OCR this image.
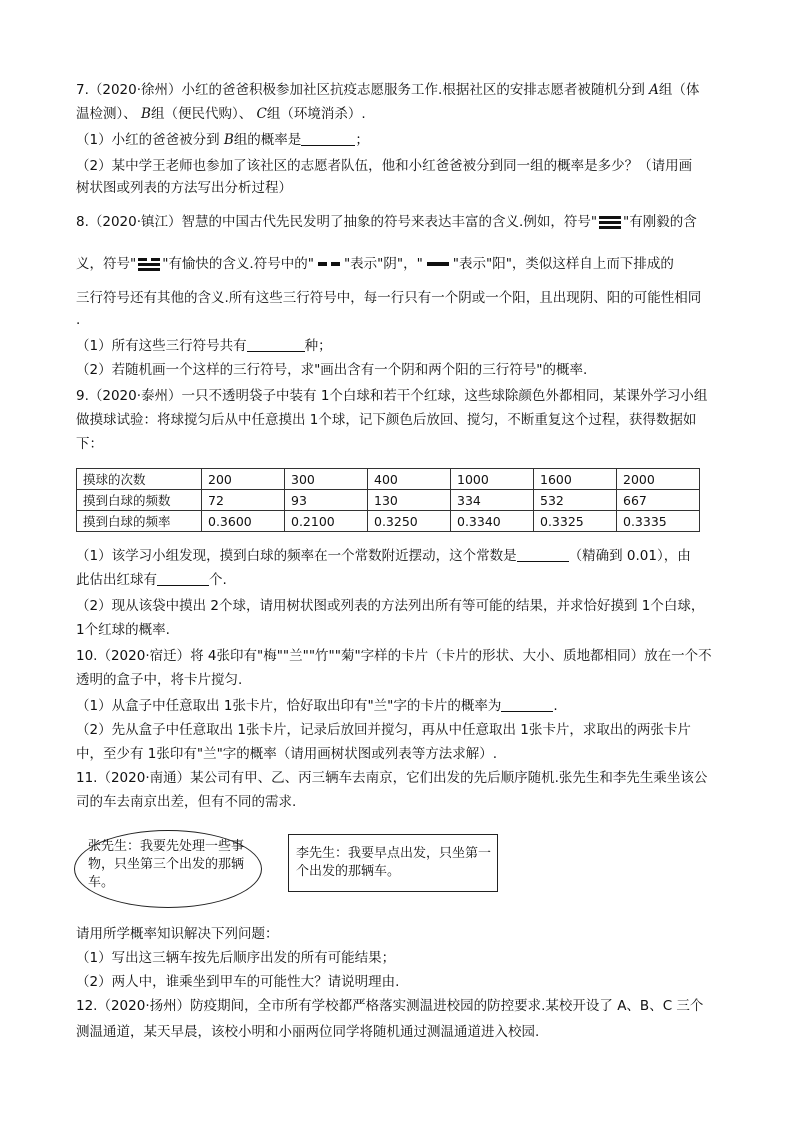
7.（2020·徐州）小红的爸爸积极参加社区抗疫志愿服务工作.根据社区的安排志愿者被随机分到 A组（体
温检测）、 B组（便民代购）、 C组（环境消杀）.
（1）小红的爸爸被分到 B组的概率是	；
（2）某中学王老师也参加了该社区的志愿者队伍，他和小红爸爸被分到同一组的概率是多少？（请用画
树状图或列表的方法写出分析过程）
8.（2020·镇江）智慧的中国古代先民发明了抽象的符号来表达丰富的含义.例如，符号" "有刚毅的含
义，符号" "有愉快的含义.符号中的" "表示"阴"，" "表示"阳"，类似这样自上而下排成的
三行符号还有其他的含义.所有这些三行符号中，每一行只有一个阴或一个阳，且出现阴、阳的可能性相同
.
（1）所有这些三行符号共有	种；
（2）若随机画一个这样的三行符号，求"画出含有一个阴和两个阳的三行符号"的概率.
9.（2020·泰州）一只不透明袋子中装有 1个白球和若干个红球，这些球除颜色外都相同，某课外学习小组
做摸球试验：将球搅匀后从中任意摸出 1个球，记下颜色后放回、搅匀，不断重复这个过程，获得数据如
下：
摸球的次数	200	300	400	1000	1600	2000
摸到白球的频数	72	93	130	334	532	667
摸到白球的频率	0.3600	0.2100	0.3250	0.3340	0.3325	0.3335
（1）该学习小组发现，摸到白球的频率在一个常数附近摆动，这个常数是	（精确到 0.01），由
此估出红球有	个.
（2）现从该袋中摸出 2个球，请用树状图或列表的方法列出所有等可能的结果，并求恰好摸到 1个白球，
1个红球的概率.
10.（2020·宿迁）将 4张印有"梅""兰""竹""菊"字样的卡片（卡片的形状、大小、质地都相同）放在一个不
透明的盒子中，将卡片搅匀.
（1）从盒子中任意取出 1张卡片，恰好取出印有"兰"字的卡片的概率为	.
（2）先从盒子中任意取出 1张卡片，记录后放回并搅匀，再从中任意取出 1张卡片，求取出的两张卡片
中，至少有 1张印有"兰"字的概率（请用画树状图或列表等方法求解）.
11.（2020·南通）某公司有甲、乙、丙三辆车去南京，它们出发的先后顺序随机.张先生和李先生乘坐该公
司的车去南京出差，但有不同的需求.
张先生：我要先处理一些事物，只坐第三个出发的那辆车。
李先生：我要早点出发，只坐第一个出发的那辆车。
请用所学概率知识解决下列问题：
（1）写出这三辆车按先后顺序出发的所有可能结果；
（2）两人中，谁乘坐到甲车的可能性大？请说明理由.
12.（2020·扬州）防疫期间，全市所有学校都严格落实测温进校园的防控要求.某校开设了 A、B、C 三个
测温通道，某天早晨，该校小明和小丽两位同学将随机通过测温通道进入校园.
